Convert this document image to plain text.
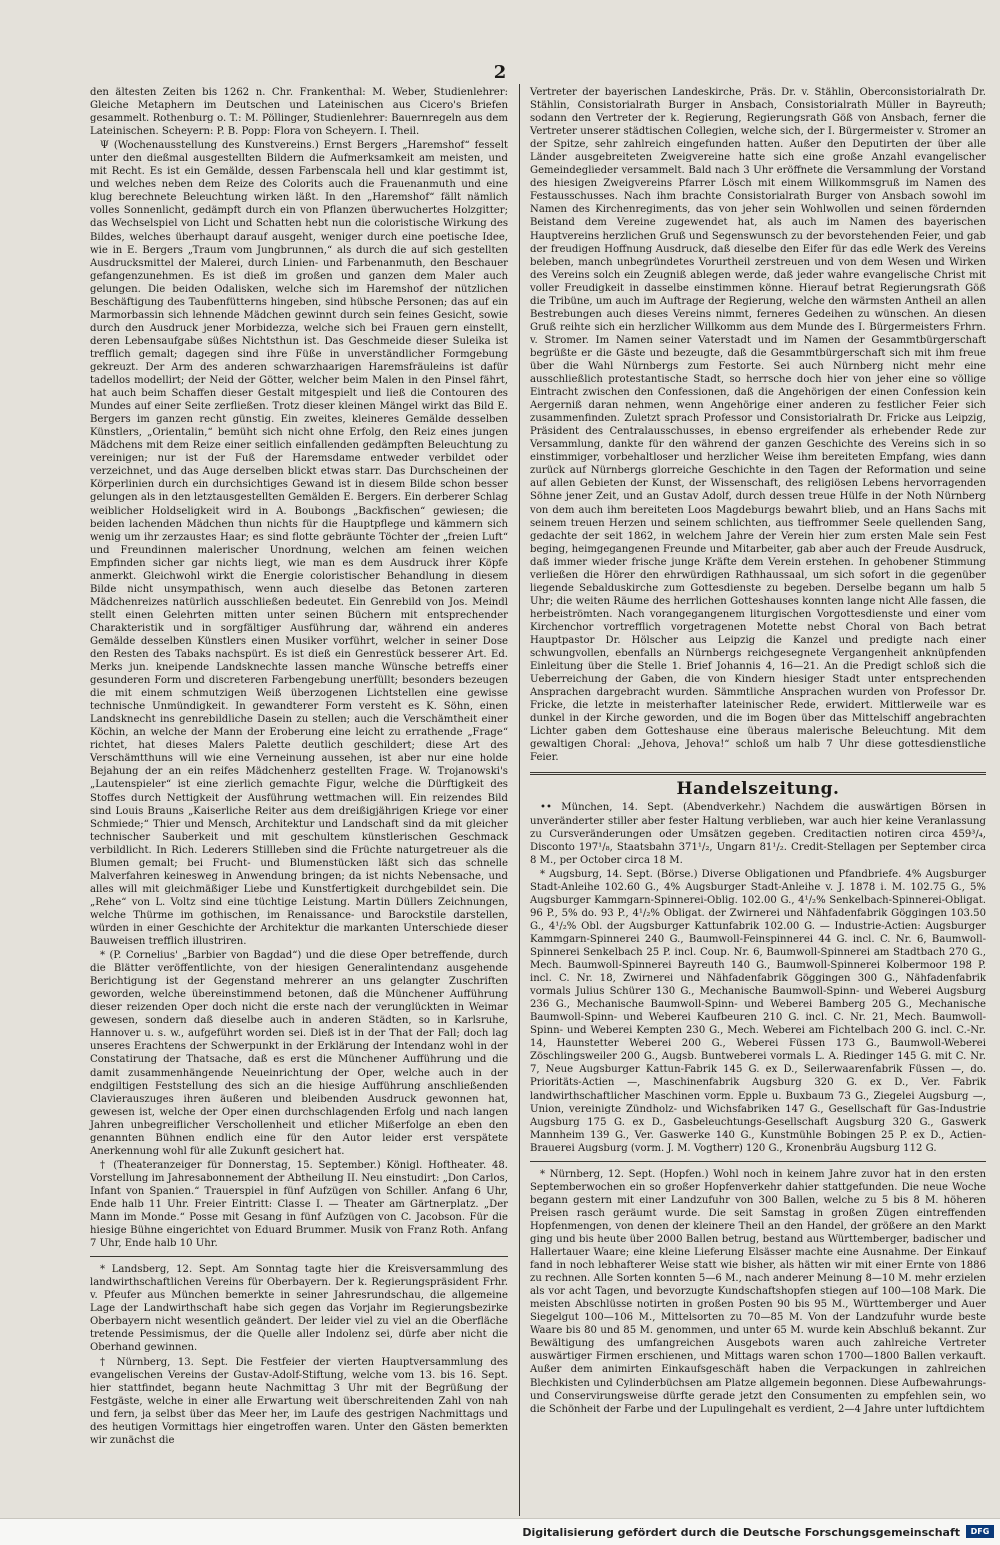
2

den ältesten Zeiten bis 1262 n. Chr. Frankenthal: M. Weber, Studienlehrer: Gleiche Metaphern im Deutschen und Lateinischen aus Cicero's Briefen gesammelt. Rothenburg o. T.: M. Pöllinger, Studienlehrer: Bauernregeln aus dem Lateinischen. Scheyern: P. B. Popp: Flora von Scheyern. I. Theil.

Ψ (Wochenausstellung des Kunstvereins.) Ernst Bergers „Haremshof“ fesselt unter den dießmal ausgestellten Bildern die Aufmerksamkeit am meisten, und mit Recht. Es ist ein Gemälde, dessen Farbenscala hell und klar gestimmt ist, und welches neben dem Reize des Colorits auch die Frauenanmuth und eine klug berechnete Beleuchtung wirken läßt. In den „Haremshof“ fällt nämlich volles Sonnenlicht, gedämpft durch ein von Pflanzen überwuchertes Holzgitter; das Wechselspiel von Licht und Schatten hebt nun die coloristische Wirkung des Bildes, welches überhaupt darauf ausgeht, weniger durch eine poetische Idee, wie in E. Bergers „Traum vom Jungbrunnen,“ als durch die auf sich gestellten Ausdrucksmittel der Malerei, durch Linien- und Farbenanmuth, den Beschauer gefangenzunehmen. Es ist dieß im großen und ganzen dem Maler auch gelungen. Die beiden Odalisken, welche sich im Haremshof der nützlichen Beschäftigung des Taubenfütterns hingeben, sind hübsche Personen; das auf ein Marmorbassin sich lehnende Mädchen gewinnt durch sein feines Gesicht, sowie durch den Ausdruck jener Morbidezza, welche sich bei Frauen gern einstellt, deren Lebensaufgabe süßes Nichtsthun ist. Das Geschmeide dieser Suleika ist trefflich gemalt; dagegen sind ihre Füße in unverständlicher Formgebung gekreuzt. Der Arm des anderen schwarzhaarigen Haremsfräuleins ist dafür tadellos modellirt; der Neid der Götter, welcher beim Malen in den Pinsel fährt, hat auch beim Schaffen dieser Gestalt mitgespielt und ließ die Contouren des Mundes auf einer Seite zerfließen. Trotz dieser kleinen Mängel wirkt das Bild E. Bergers im ganzen recht günstig. Ein zweites, kleineres Gemälde desselben Künstlers, „Orientalin,“ bemüht sich nicht ohne Erfolg, den Reiz eines jungen Mädchens mit dem Reize einer seitlich einfallenden gedämpften Beleuchtung zu vereinigen; nur ist der Fuß der Haremsdame entweder verbildet oder verzeichnet, und das Auge derselben blickt etwas starr. Das Durchscheinen der Körperlinien durch ein durchsichtiges Gewand ist in diesem Bilde schon besser gelungen als in den letztausgestellten Gemälden E. Bergers. Ein derberer Schlag weiblicher Holdseligkeit wird in A. Boubongs „Backfischen“ gewiesen; die beiden lachenden Mädchen thun nichts für die Hauptpflege und kämmern sich wenig um ihr zerzaustes Haar; es sind flotte gebräunte Töchter der „freien Luft“ und Freundinnen malerischer Unordnung, welchen am feinen weichen Empfinden sicher gar nichts liegt, wie man es dem Ausdruck ihrer Köpfe anmerkt. Gleichwohl wirkt die Energie coloristischer Behandlung in diesem Bilde nicht unsympathisch, wenn auch dieselbe das Betonen zarteren Mädchenreizes natürlich ausschließen bedeutet. Ein Genrebild von Jos. Meindl stellt einen Gelehrten mitten unter seinen Büchern mit entsprechender Charakteristik und in sorgfältiger Ausführung dar, während ein anderes Gemälde desselben Künstlers einen Musiker vorführt, welcher in seiner Dose den Resten des Tabaks nachspürt. Es ist dieß ein Genrestück besserer Art. Ed. Merks jun. kneipende Landsknechte lassen manche Wünsche betreffs einer gesunderen Form und discreteren Farbengebung unerfüllt; besonders bezeugen die mit einem schmutzigen Weiß überzogenen Lichtstellen eine gewisse technische Unmündigkeit. In gewandterer Form versteht es K. Söhn, einen Landsknecht ins genrebildliche Dasein zu stellen; auch die Verschämtheit einer Köchin, an welche der Mann der Eroberung eine leicht zu errathende „Frage“ richtet, hat dieses Malers Palette deutlich geschildert; diese Art des Verschämtthuns will wie eine Verneinung aussehen, ist aber nur eine holde Bejahung der an ein reifes Mädchenherz gestellten Frage. W. Trojanowski's „Lautenspieler“ ist eine zierlich gemachte Figur, welche die Dürftigkeit des Stoffes durch Nettigkeit der Ausführung wettmachen will. Ein reizendes Bild sind Louis Brauns „Kaiserliche Reiter aus dem dreißigjährigen Kriege vor einer Schmiede;“ Thier und Mensch, Architektur und Landschaft sind da mit gleicher technischer Sauberkeit und mit geschultem künstlerischen Geschmack verbildlicht. In Rich. Lederers Stillleben sind die Früchte naturgetreuer als die Blumen gemalt; bei Frucht- und Blumenstücken läßt sich das schnelle Malverfahren keinesweg in Anwendung bringen; da ist nichts Nebensache, und alles will mit gleichmäßiger Liebe und Kunstfertigkeit durchgebildet sein. Die „Rehe“ von L. Voltz sind eine tüchtige Leistung. Martin Düllers Zeichnungen, welche Thürme im gothischen, im Renaissance- und Barockstile darstellen, würden in einer Geschichte der Architektur die markanten Unterschiede dieser Bauweisen trefflich illustriren.

* (P. Cornelius' „Barbier von Bagdad“) und die diese Oper betreffende, durch die Blätter veröffentlichte, von der hiesigen Generalintendanz ausgehende Berichtigung ist der Gegenstand mehrerer an uns gelangter Zuschriften geworden, welche übereinstimmend betonen, daß die Münchener Aufführung dieser reizenden Oper doch nicht die erste nach der verunglückten in Weimar gewesen, sondern daß dieselbe auch in anderen Städten, so in Karlsruhe, Hannover u. s. w., aufgeführt worden sei. Dieß ist in der That der Fall; doch lag unseres Erachtens der Schwerpunkt in der Erklärung der Intendanz wohl in der Constatirung der Thatsache, daß es erst die Münchener Aufführung und die damit zusammenhängende Neueinrichtung der Oper, welche auch in der endgiltigen Feststellung des sich an die hiesige Aufführung anschließenden Clavierauszuges ihren äußeren und bleibenden Ausdruck gewonnen hat, gewesen ist, welche der Oper einen durchschlagenden Erfolg und nach langen Jahren unbegreiflicher Verschollenheit und etlicher Mißerfolge an eben den genannten Bühnen endlich eine für den Autor leider erst verspätete Anerkennung wohl für alle Zukunft gesichert hat.

† (Theateranzeiger für Donnerstag, 15. September.) Königl. Hoftheater. 48. Vorstellung im Jahresabonnement der Abtheilung II. Neu einstudirt: „Don Carlos, Infant von Spanien.“ Trauerspiel in fünf Aufzügen von Schiller. Anfang 6 Uhr, Ende halb 11 Uhr. Freier Eintritt: Classe I. — Theater am Gärtnerplatz. „Der Mann im Monde.“ Posse mit Gesang in fünf Aufzügen von C. Jacobson. Für die hiesige Bühne eingerichtet von Eduard Brummer. Musik von Franz Roth. Anfang 7 Uhr, Ende halb 10 Uhr.

* Landsberg, 12. Sept. Am Sonntag tagte hier die Kreisversammlung des landwirthschaftlichen Vereins für Oberbayern. Der k. Regierungspräsident Frhr. v. Pfeufer aus München bemerkte in seiner Jahresrundschau, die allgemeine Lage der Landwirthschaft habe sich gegen das Vorjahr im Regierungsbezirke Oberbayern nicht wesentlich geändert. Der leider viel zu viel an die Oberfläche tretende Pessimismus, der die Quelle aller Indolenz sei, dürfe aber nicht die Oberhand gewinnen.

† Nürnberg, 13. Sept. Die Festfeier der vierten Hauptversammlung des evangelischen Vereins der Gustav-Adolf-Stiftung, welche vom 13. bis 16. Sept. hier stattfindet, begann heute Nachmittag 3 Uhr mit der Begrüßung der Festgäste, welche in einer alle Erwartung weit überschreitenden Zahl von nah und fern, ja selbst über das Meer her, im Laufe des gestrigen Nachmittags und des heutigen Vormittags hier eingetroffen waren. Unter den Gästen bemerkten wir zunächst die

Vertreter der bayerischen Landeskirche, Präs. Dr. v. Stählin, Oberconsistorialrath Dr. Stählin, Consistorialrath Burger in Ansbach, Consistorialrath Müller in Bayreuth; sodann den Vertreter der k. Regierung, Regierungsrath Göß von Ansbach, ferner die Vertreter unserer städtischen Collegien, welche sich, der I. Bürgermeister v. Stromer an der Spitze, sehr zahlreich eingefunden hatten. Außer den Deputirten der über alle Länder ausgebreiteten Zweigvereine hatte sich eine große Anzahl evangelischer Gemeindeglieder versammelt. Bald nach 3 Uhr eröffnete die Versammlung der Vorstand des hiesigen Zweigvereins Pfarrer Lösch mit einem Willkommsgruß im Namen des Festausschusses. Nach ihm brachte Consistorialrath Burger von Ansbach sowohl im Namen des Kirchenregiments, das von jeher sein Wohlwollen und seinen fördernden Beistand dem Vereine zugewendet hat, als auch im Namen des bayerischen Hauptvereins herzlichen Gruß und Segenswunsch zu der bevorstehenden Feier, und gab der freudigen Hoffnung Ausdruck, daß dieselbe den Eifer für das edle Werk des Vereins beleben, manch unbegründetes Vorurtheil zerstreuen und von dem Wesen und Wirken des Vereins solch ein Zeugniß ablegen werde, daß jeder wahre evangelische Christ mit voller Freudigkeit in dasselbe einstimmen könne. Hierauf betrat Regierungsrath Göß die Tribüne, um auch im Auftrage der Regierung, welche den wärmsten Antheil an allen Bestrebungen auch dieses Vereins nimmt, ferneres Gedeihen zu wünschen. An diesen Gruß reihte sich ein herzlicher Willkomm aus dem Munde des I. Bürgermeisters Frhrn. v. Stromer. Im Namen seiner Vaterstadt und im Namen der Gesammtbürgerschaft begrüßte er die Gäste und bezeugte, daß die Gesammtbürgerschaft sich mit ihm freue über die Wahl Nürnbergs zum Festorte. Sei auch Nürnberg nicht mehr eine ausschließlich protestantische Stadt, so herrsche doch hier von jeher eine so völlige Eintracht zwischen den Confessionen, daß die Angehörigen der einen Confession kein Aergerniß daran nehmen, wenn Angehörige einer anderen zu festlicher Feier sich zusammenfinden. Zuletzt sprach Professor und Consistorialrath Dr. Fricke aus Leipzig, Präsident des Centralausschusses, in ebenso ergreifender als erhebender Rede zur Versammlung, dankte für den während der ganzen Geschichte des Vereins sich in so einstimmiger, vorbehaltloser und herzlicher Weise ihm bereiteten Empfang, wies dann zurück auf Nürnbergs glorreiche Geschichte in den Tagen der Reformation und seine auf allen Gebieten der Kunst, der Wissenschaft, des religiösen Lebens hervorragenden Söhne jener Zeit, und an Gustav Adolf, durch dessen treue Hülfe in der Noth Nürnberg von dem auch ihm bereiteten Loos Magdeburgs bewahrt blieb, und an Hans Sachs mit seinem treuen Herzen und seinem schlichten, aus tieffrommer Seele quellenden Sang, gedachte der seit 1862, in welchem Jahre der Verein hier zum ersten Male sein Fest beging, heimgegangenen Freunde und Mitarbeiter, gab aber auch der Freude Ausdruck, daß immer wieder frische junge Kräfte dem Verein erstehen. In gehobener Stimmung verließen die Hörer den ehrwürdigen Rathhaussaal, um sich sofort in die gegenüber liegende Sebalduskirche zum Gottesdienste zu begeben. Derselbe begann um halb 5 Uhr; die weiten Räume des herrlichen Gotteshauses konnten lange nicht Alle fassen, die herbeiströmten. Nach vorangegangenem liturgischen Vorgottesdienste und einer vom Kirchenchor vortrefflich vorgetragenen Motette nebst Choral von Bach betrat Hauptpastor Dr. Hölscher aus Leipzig die Kanzel und predigte nach einer schwungvollen, ebenfalls an Nürnbergs reichgesegnete Vergangenheit anknüpfenden Einleitung über die Stelle 1. Brief Johannis 4, 16—21. An die Predigt schloß sich die Ueberreichung der Gaben, die von Kindern hiesiger Stadt unter entsprechenden Ansprachen dargebracht wurden. Sämmtliche Ansprachen wurden von Professor Dr. Fricke, die letzte in meisterhafter lateinischer Rede, erwidert. Mittlerweile war es dunkel in der Kirche geworden, und die im Bogen über das Mittelschiff angebrachten Lichter gaben dem Gotteshause eine überaus malerische Beleuchtung. Mit dem gewaltigen Choral: „Jehova, Jehova!“ schloß um halb 7 Uhr diese gottesdienstliche Feier.

Handelszeitung.

•• München, 14. Sept. (Abendverkehr.) Nachdem die auswärtigen Börsen in unveränderter stiller aber fester Haltung verblieben, war auch hier keine Veranlassung zu Cursveränderungen oder Umsätzen gegeben. Creditactien notiren circa 459³/₄, Disconto 197¹/₈, Staatsbahn 371¹/₂, Ungarn 81¹/₂. Credit-Stellagen per September circa 8 M., per October circa 18 M.

* Augsburg, 14. Sept. (Börse.) Diverse Obligationen und Pfandbriefe. 4% Augsburger Stadt-Anleihe 102.60 G., 4% Augsburger Stadt-Anleihe v. J. 1878 i. M. 102.75 G., 5% Augsburger Kammgarn-Spinnerei-Oblig. 102.00 G., 4¹/₂% Senkelbach-Spinnerei-Obligat. 96 P., 5% do. 93 P., 4¹/₂% Obligat. der Zwirnerei und Nähfadenfabrik Göggingen 103.50 G., 4¹/₂% Obl. der Augsburger Kattunfabrik 102.00 G. — Industrie-Actien: Augsburger Kammgarn-Spinnerei 240 G., Baumwoll-Feinspinnerei 44 G. incl. C. Nr. 6, Baumwoll-Spinnerei Senkelbach 25 P. incl. Coup. Nr. 6, Baumwoll-Spinnerei am Stadtbach 270 G., Mech. Baumwoll-Spinnerei Bayreuth 140 G., Baumwoll-Spinnerei Kolbermoor 198 P. incl. C. Nr. 18, Zwirnerei und Nähfadenfabrik Göggingen 300 G., Nähfadenfabrik vormals Julius Schürer 130 G., Mechanische Baumwoll-Spinn- und Weberei Augsburg 236 G., Mechanische Baumwoll-Spinn- und Weberei Bamberg 205 G., Mechanische Baumwoll-Spinn- und Weberei Kaufbeuren 210 G. incl. C. Nr. 21, Mech. Baumwoll-Spinn- und Weberei Kempten 230 G., Mech. Weberei am Fichtelbach 200 G. incl. C.-Nr. 14, Haunstetter Weberei 200 G., Weberei Füssen 173 G., Baumwoll-Weberei Zöschlingsweiler 200 G., Augsb. Buntweberei vormals L. A. Riedinger 145 G. mit C. Nr. 7, Neue Augsburger Kattun-Fabrik 145 G. ex D., Seilerwaarenfabrik Füssen —, do. Prioritäts-Actien —, Maschinenfabrik Augsburg 320 G. ex D., Ver. Fabrik landwirthschaftlicher Maschinen vorm. Epple u. Buxbaum 73 G., Ziegelei Augsburg —, Union, vereinigte Zündholz- und Wichsfabriken 147 G., Gesellschaft für Gas-Industrie Augsburg 175 G. ex D., Gasbeleuchtungs-Gesellschaft Augsburg 320 G., Gaswerk Mannheim 139 G., Ver. Gaswerke 140 G., Kunstmühle Bobingen 25 P. ex D., Actien-Brauerei Augsburg (vorm. J. M. Vogtherr) 120 G., Kronenbräu Augsburg 112 G.

* Nürnberg, 12. Sept. (Hopfen.) Wohl noch in keinem Jahre zuvor hat in den ersten Septemberwochen ein so großer Hopfenverkehr dahier stattgefunden. Die neue Woche begann gestern mit einer Landzufuhr von 300 Ballen, welche zu 5 bis 8 M. höheren Preisen rasch geräumt wurde. Die seit Samstag in großen Zügen eintreffenden Hopfenmengen, von denen der kleinere Theil an den Handel, der größere an den Markt ging und bis heute über 2000 Ballen betrug, bestand aus Württemberger, badischer und Hallertauer Waare; eine kleine Lieferung Elsässer machte eine Ausnahme. Der Einkauf fand in noch lebhafterer Weise statt wie bisher, als hätten wir mit einer Ernte von 1886 zu rechnen. Alle Sorten konnten 5—6 M., nach anderer Meinung 8—10 M. mehr erzielen als vor acht Tagen, und bevorzugte Kundschaftshopfen stiegen auf 100—108 Mark. Die meisten Abschlüsse notirten in großen Posten 90 bis 95 M., Württemberger und Auer Siegelgut 100—106 M., Mittelsorten zu 70—85 M. Von der Landzufuhr wurde beste Waare bis 80 und 85 M. genommen, und unter 65 M. wurde kein Abschluß bekannt. Zur Bewältigung des umfangreichen Ausgebots waren auch zahlreiche Vertreter auswärtiger Firmen erschienen, und Mittags waren schon 1700—1800 Ballen verkauft. Außer dem animirten Einkaufsgeschäft haben die Verpackungen in zahlreichen Blechkisten und Cylinderbüchsen am Platze allgemein begonnen. Diese Aufbewahrungs- und Conservirungsweise dürfte gerade jetzt den Consumenten zu empfehlen sein, wo die Schönheit der Farbe und der Lupulingehalt es verdient, 2—4 Jahre unter luftdichtem

Digitalisierung gefördert durch die Deutsche Forschungsgemeinschaft	DFG
